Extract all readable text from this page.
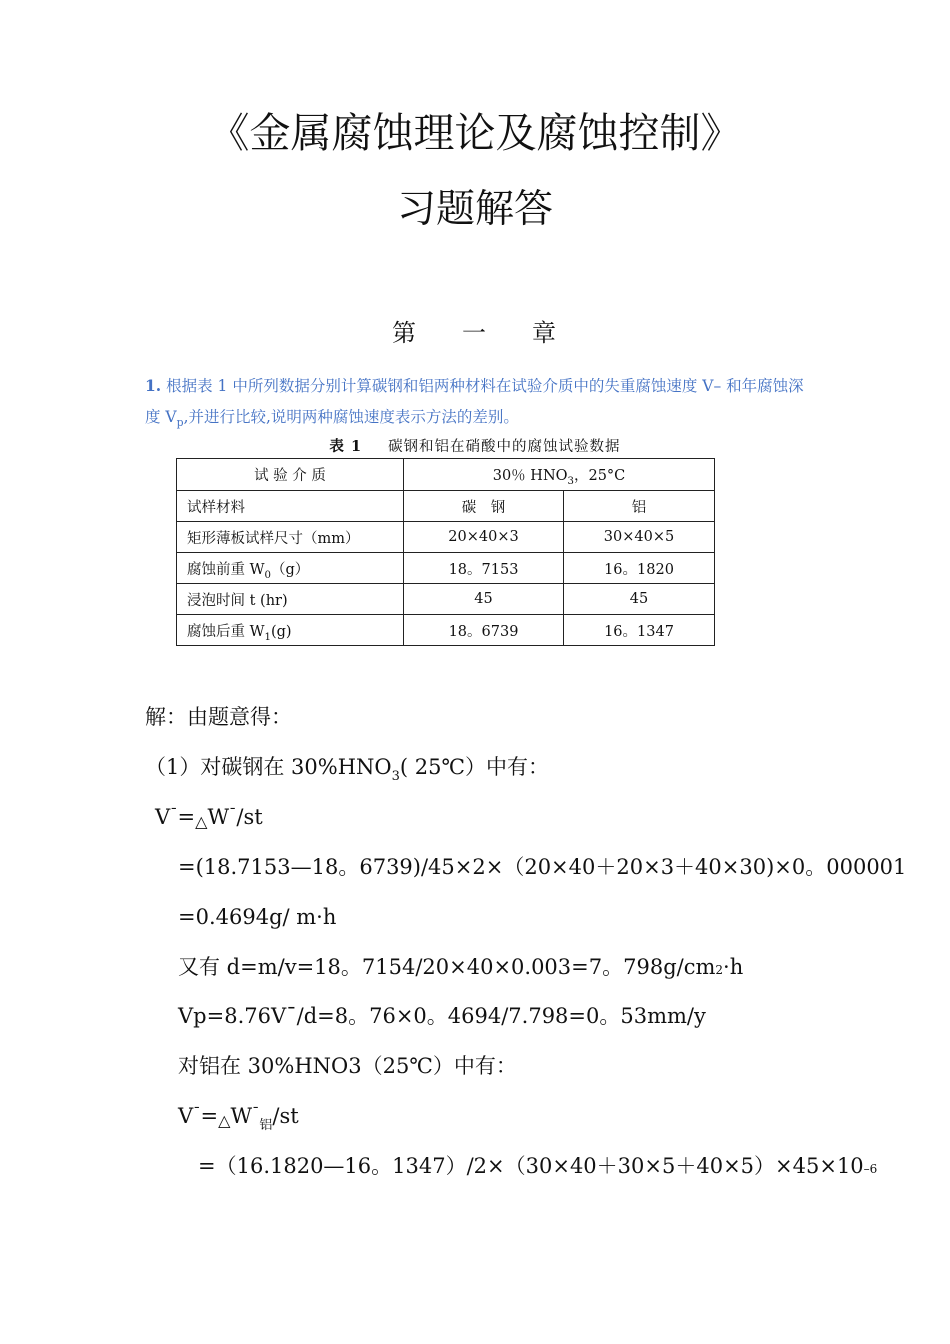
《金属腐蚀理论及腐蚀控制》
习题解答
第 一 章
1. 根据表 1 中所列数据分别计算碳钢和铝两种材料在试验介质中的失重腐蚀速度 V– 和年腐蚀深度 $V_p$,并进行比较,说明两种腐蚀速度表示方法的差别。
表 1 碳钢和铝在硝酸中的腐蚀试验数据
试 验 介 质	30％ $HNO_3$，25°C	
试样材料	碳　钢	铝
矩形薄板试样尺寸（mm）	20×40×3	30×40×5
腐蚀前重 $W_0(g)$	18。7153	16。1820
浸泡时间 t (hr)	45	45
腐蚀后重 $W_1(g)$	18。6739	16。1347
解：由题意得：
（1）对碳钢在 $30\%HNO_3$( 25℃）中有：
V¯=△W¯/st
=(18.7153—18。6739)/45×2×（20×40＋20×3＋40×30)×0。000001
=0.4694g/ m·h
又有 d=m/v=18。7154/20×40×0.003=7。798g/cm2·h
Vp=8.76V¯/d=8。76×0。4694/7.798=0。53mm/y
对铝在 30%HNO3（25℃）中有：
$V^¯=\triangle W^¯_铝/st$
=（16.1820—16。1347）/2×（30×40＋30×5＋40×5）×45×10–6
